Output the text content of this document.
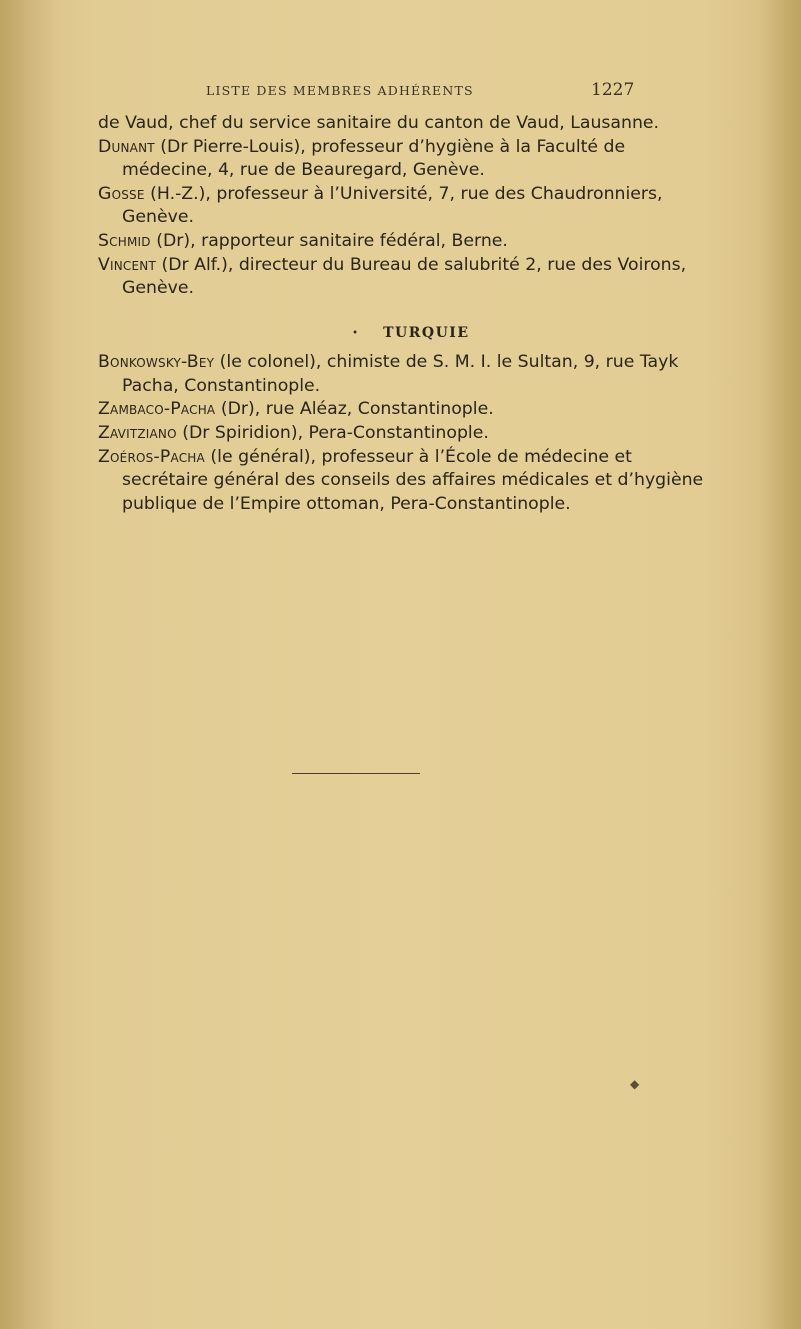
LISTE DES MEMBRES ADHÉRENTS	1227

de Vaud, chef du service sanitaire du canton de Vaud, Lausanne.

Dunant (Dr Pierre-Louis), professeur d’hygiène à la Faculté de médecine, 4, rue de Beauregard, Genève.

Gosse (H.-Z.), professeur à l’Université, 7, rue des Chaudronniers, Genève.

Schmid (Dr), rapporteur sanitaire fédéral, Berne.

Vincent (Dr Alf.), directeur du Bureau de salubrité 2, rue des Voirons, Genève.

• TURQUIE

Bonkowsky-Bey (le colonel), chimiste de S. M. I. le Sultan, 9, rue Tayk Pacha, Constantinople.

Zambaco-Pacha (Dr), rue Aléaz, Constantinople.

Zavitziano (Dr Spiridion), Pera-Constantinople.

Zoéros-Pacha (le général), professeur à l’École de médecine et secrétaire général des conseils des affaires médicales et d’hygiène publique de l’Empire ottoman, Pera-Constantinople.

◆
